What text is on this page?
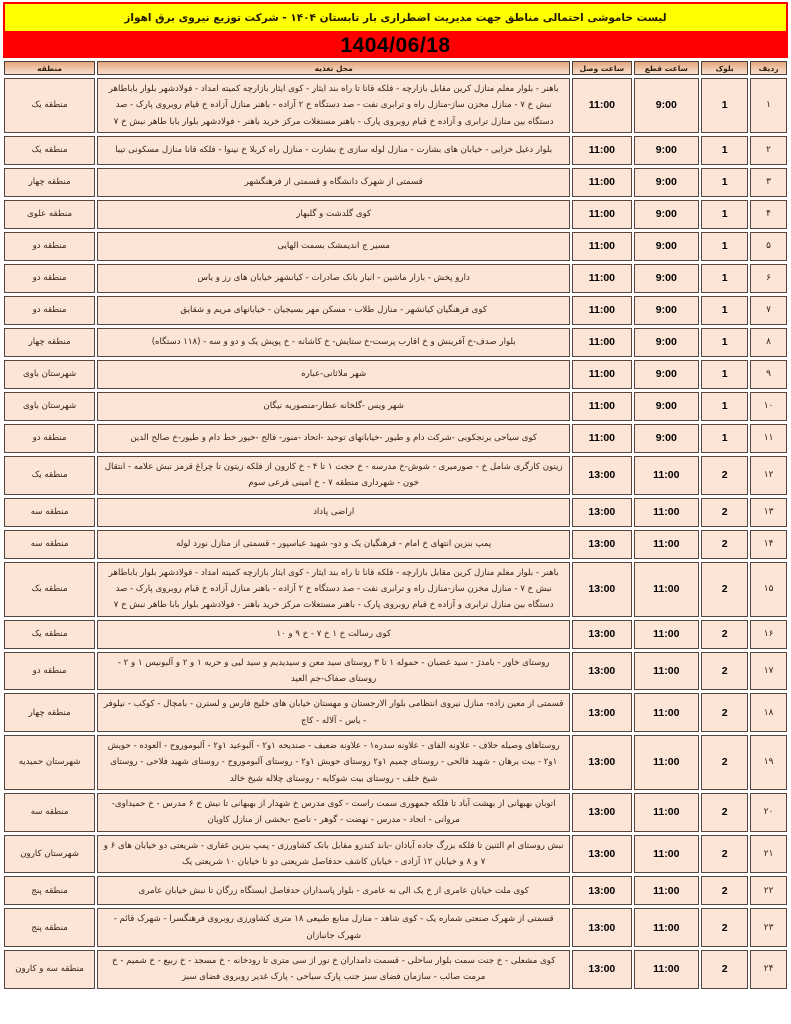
لیست خاموشی احتمالی مناطق جهت مدیریت اضطراری بار تابستان ۱۴۰۴ - شرکت توزیع نیروی برق اهواز
1404/06/18
ردیف	بلوک	ساعت قطع	ساعت وصل	محل تغذیه	منطقه
۱	1	9:00	11:00	باهنر - بلوار معلم منازل کرین مقابل بازارچه - فلکه قانا تا راه بند ایثار - کوی ایثار بازارچه کمیته امداد - فولادشهر بلوار باباطاهر نبش خ ۷ - منازل مخزن ساز-منازل راه و ترابری نفت - صد دستگاه خ ۲ آزاده - باهنر منازل آزاده خ قیام روبروی پارک - صد دستگاه بین منازل ترابری و آزاده خ قیام روبروی پارک - باهنر مستغلات مرکز خرید باهنر - فولادشهر بلوار بابا طاهر نبش خ ۷	منطقه یک
۲	1	9:00	11:00	بلوار دغیل خزایی - خیابان های بشارت - منازل لوله سازی خ بشارت - منازل راه کربلا خ نینوا - فلکه قانا منازل مسکونی تیبا	منطقه یک
۳	1	9:00	11:00	قسمتی از شهرک دانشگاه و قسمتی از فرهنگشهر	منطقه چهار
۴	1	9:00	11:00	کوی گلدشت و گلبهار	منطقه علوی
۵	1	9:00	11:00	مسیر ج اندیمشک بسمت الهایی	منطقه دو
۶	1	9:00	11:00	دارو پخش - بازار ماشین - انبار بانک صادرات - کیانشهر خیابان های رز و یاس	منطقه دو
۷	1	9:00	11:00	کوی فرهنگیان کیانشهر - منازل طلاب - مسکن مهر بسیجیان - خیابانهای مریم و شقایق	منطقه دو
۸	1	9:00	11:00	بلوار صدف-خ آفرینش و خ اقارب پرست-خ ستایش- خ کاشانه - خ پویش یک و دو و سه - (۱۱۸ دستگاه)	منطقه چهار
۹	1	9:00	11:00	شهر ملاثانی-عباره	شهرستان باوی
۱۰	1	9:00	11:00	شهر ویس -گلخانه عطار-منصوریه نیگان	شهرستان باوی
۱۱	1	9:00	11:00	کوی سیاحی برنجکوبی -شرکت دام و طیور -خیابانهای توحید -اتحاد -منور- فالح -خیور خط دام و طیور-خ صالح الدین	منطقه دو
۱۲	2	11:00	13:00	زیتون کارگری شامل خ - صورمیری - شوش-خ مدرسه - خ حجت ۱ تا ۴ - خ کارون از فلکه زیتون تا چراغ قرمز نبش علامه - انتقال خون - شهرداری منطقه ۷ - خ امینی فرعی سوم	منطقه یک
۱۳	2	11:00	13:00	اراضی پاداد	منطقه سه
۱۴	2	11:00	13:00	پمپ بنزین انتهای خ امام - فرهنگیان یک و دو- شهید عباسپور - قسمتی از منازل نورد لوله	منطقه سه
۱۵	2	11:00	13:00	باهنر - بلوار معلم منازل کرین مقابل بازارچه - فلکه قانا تا راه بند ایثار - کوی ایثار بازارچه کمیته امداد - فولادشهر بلوار باباطاهر نبش خ ۷ - منازل مخزن ساز-منازل راه و ترابری نفت - صد دستگاه خ ۲ آزاده - باهنر منازل آزاده خ قیام روبروی پارک - صد دستگاه بین منازل ترابری و آزاده خ قیام روبروی پارک - باهنر مستغلات مرکز خرید باهنر - فولادشهر بلوار بابا طاهر نبش خ ۷	منطقه یک
۱۶	2	11:00	13:00	کوی رسالت خ ۱ خ ۷ - خ ۹ و ۱۰	منطقه یک
۱۷	2	11:00	13:00	روستای خاور - بامدژ - سید غضبان - حموله ۱ تا ۳ روستای سید معن و سیدیدیم و سید لیی و حریه ۱ و ۲ و آلبونیس ۱ و ۲ - روستای صفاک-جم العید	منطقه دو
۱۸	2	11:00	13:00	قسمتی از معین زاده- منازل نیروی انتظامی بلوار الارجستان و مهستان خیابان های خلیج فارس و لسترن - بامچال - کوکب - نیلوفر - یاس - آلاله - کاج	منطقه چهار
۱۹	2	11:00	13:00	روستاهای وصیله حلاف - علاونه الفای - علاونه سدره۱ - علاونه ضعیف - صندیحه ۱و۲ - آلبوعید ۱و۲ - آلبوموروح - العوده - حویش ۱و۲ - بیت برهان - شهید فالحی - روستای چمیم ۱و۲ روستای حویش ۱و۲ - روستای آلبوموروح - روستای شهید فلاحی - روستای شیخ خلف - روستای بیت شوکایه - روستای چلاله شیخ خالد	شهرستان حمیدیه
۲۰	2	11:00	13:00	اتوبان بهبهانی از بهشت آباد تا فلکه جمهوری سمت راست - کوی مدرس خ شهدار از بهبهانی تا نبش خ ۶ مدرس - خ حمیداوی- مروانی - اتحاد - مدرس - نهضت - گوهر - ناصح -بخشی از منازل کاویان	منطقه سه
۲۱	2	11:00	13:00	نبش روستای ام الثنین تا فلکه بزرگ جاده آبادان -باند کندرو مقابل بانک کشاورزی - پمپ بنزین غفاری - شریعتی دو خیابان های ۶ و ۷ و ۸ و خیابان ۱۲ آزادی - خیابان کاشف حدفاصل شریعتی دو تا خیابان ۱۰ شریعتی یک	شهرستان کارون
۲۲	2	11:00	13:00	کوی ملت خیابان عامری از خ یک الی نه عامری - بلوار پاسداران حدفاصل ایستگاه زرگان تا نبش خیابان عامری	منطقه پنج
۲۳	2	11:00	13:00	قسمتی از شهرک صنعتی شماره یک - کوی شاهد - منازل منابع طبیعی ۱۸ متری کشاورزی روبروی فرهنگسرا - شهرک قائم - شهرک جانبازان	منطقه پنج
۲۴	2	11:00	13:00	کوی مشعلی - خ جنت سمت بلوار ساحلی - قسمت دامداران خ نور از سی متری تا رودخانه - خ مسجد - خ ربیع - خ شمیم - خ مرمت صائب - سازمان فضای سبز جنب پارک سیاحی - پارک غدیر روبروی فضای سبز	منطقه سه و کارون
